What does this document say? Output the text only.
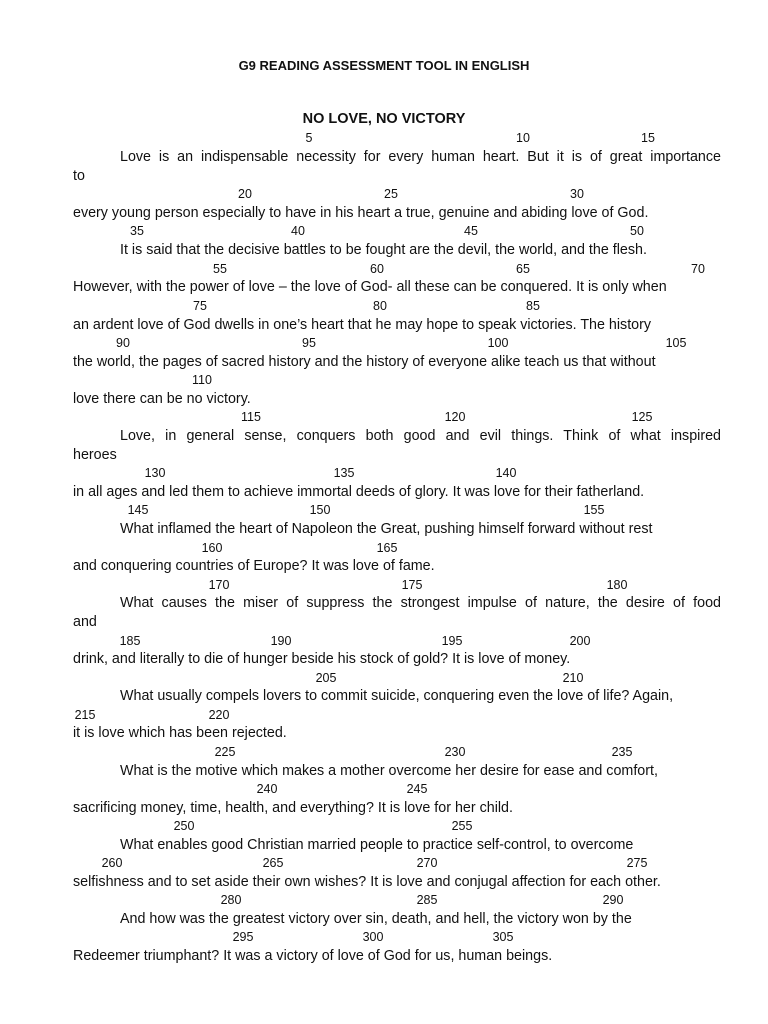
G9 READING ASSESSMENT TOOL IN ENGLISH
NO LOVE, NO VICTORY
5	10	15
Love is an indispensable necessity for every human heart. But it is of great importance
to
20	25	30
every young person especially to have in his heart a true, genuine and abiding love of God.
35	40	45	50
It is said that the decisive battles to be fought are the devil, the world, and the flesh.
55	60	65	70
However, with the power of love – the love of God- all these can be conquered. It is only when
75	80	85
an ardent love of God dwells in one’s heart that he may hope to speak victories. The history
90	95	100	105
the world, the pages of sacred history and the history of everyone alike teach us that without
110
love there can be no victory.
115	120	125
Love, in general sense, conquers both good and evil things. Think of what inspired
heroes
130	135	140
in all ages and led them to achieve immortal deeds of glory. It was love for their fatherland.
145	150	155
What inflamed the heart of Napoleon the Great, pushing himself forward without rest
160	165
and conquering countries of Europe? It was love of fame.
170	175	180
What causes the miser of suppress the strongest impulse of nature, the desire of food
and
185	190	195	200
drink, and literally to die of hunger beside his stock of gold? It is love of money.
205	210
What usually compels lovers to commit suicide, conquering even the love of life? Again,
215	220
it is love which has been rejected.
225	230	235
What is the motive which makes a mother overcome her desire for ease and comfort,
240	245
sacrificing money, time, health, and everything? It is love for her child.
250	255
What enables good Christian married people to practice self-control, to overcome
260	265	270	275
selfishness and to set aside their own wishes? It is love and conjugal affection for each other.
280	285	290
And how was the greatest victory over sin, death, and hell, the victory won by the
295	300	305
Redeemer triumphant? It was a victory of love of God for us, human beings.
